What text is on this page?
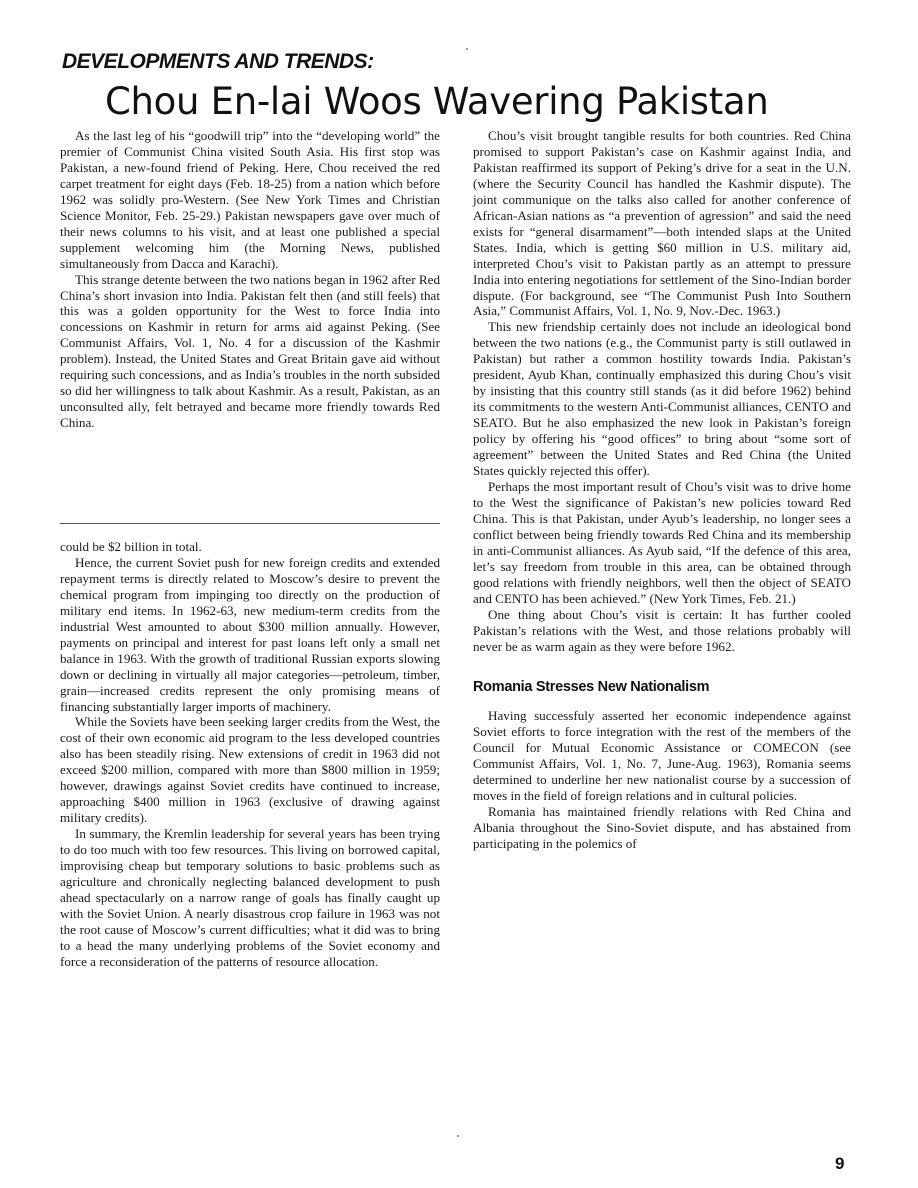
DEVELOPMENTS AND TRENDS:
Chou En-lai Woos Wavering Pakistan

As the last leg of his “goodwill trip” into the “developing world” the premier of Communist China visited South Asia. His first stop was Pakistan, a new-found friend of Peking. Here, Chou received the red carpet treatment for eight days (Feb. 18-25) from a nation which before 1962 was solidly pro-Western. (See New York Times and Christian Science Monitor, Feb. 25-29.) Pakistan newspapers gave over much of their news columns to his visit, and at least one published a special supplement welcoming him (the Morning News, published simultaneously from Dacca and Karachi).

This strange detente between the two nations began in 1962 after Red China’s short invasion into India. Pakistan felt then (and still feels) that this was a golden opportunity for the West to force India into concessions on Kashmir in return for arms aid against Peking. (See Communist Affairs, Vol. 1, No. 4 for a discussion of the Kashmir problem). Instead, the United States and Great Britain gave aid without requiring such concessions, and as India’s troubles in the north subsided so did her willingness to talk about Kashmir. As a result, Pakistan, as an unconsulted ally, felt betrayed and became more friendly towards Red China.

could be $2 billion in total.

Hence, the current Soviet push for new foreign credits and extended repayment terms is directly related to Moscow’s desire to prevent the chemical program from impinging too directly on the production of military end items. In 1962-63, new medium-term credits from the industrial West amounted to about $300 million annually. However, payments on principal and interest for past loans left only a small net balance in 1963. With the growth of traditional Russian exports slowing down or declining in virtually all major categories—petroleum, timber, grain—increased credits represent the only promising means of financing substantially larger imports of machinery.

While the Soviets have been seeking larger credits from the West, the cost of their own economic aid program to the less developed countries also has been steadily rising. New extensions of credit in 1963 did not exceed $200 million, compared with more than $800 million in 1959; however, drawings against Soviet credits have continued to increase, approaching $400 million in 1963 (exclusive of drawing against military credits).

In summary, the Kremlin leadership for several years has been trying to do too much with too few resources. This living on borrowed capital, improvising cheap but temporary solutions to basic problems such as agriculture and chronically neglecting balanced development to push ahead spectacularly on a narrow range of goals has finally caught up with the Soviet Union. A nearly disastrous crop failure in 1963 was not the root cause of Moscow’s current difficulties; what it did was to bring to a head the many underlying problems of the Soviet economy and force a reconsideration of the patterns of resource allocation.

Chou’s visit brought tangible results for both countries. Red China promised to support Pakistan’s case on Kashmir against India, and Pakistan reaffirmed its support of Peking’s drive for a seat in the U.N. (where the Security Council has handled the Kashmir dispute). The joint communique on the talks also called for another conference of African-Asian nations as “a prevention of agression” and said the need exists for “general disarmament”—both intended slaps at the United States. India, which is getting $60 million in U.S. military aid, interpreted Chou’s visit to Pakistan partly as an attempt to pressure India into entering negotiations for settlement of the Sino-Indian border dispute. (For background, see “The Communist Push Into Southern Asia,” Communist Affairs, Vol. 1, No. 9, Nov.-Dec. 1963.)

This new friendship certainly does not include an ideological bond between the two nations (e.g., the Communist party is still outlawed in Pakistan) but rather a common hostility towards India. Pakistan’s president, Ayub Khan, continually emphasized this during Chou’s visit by insisting that this country still stands (as it did before 1962) behind its commitments to the western Anti-Communist alliances, CENTO and SEATO. But he also emphasized the new look in Pakistan’s foreign policy by offering his “good offices” to bring about “some sort of agreement” between the United States and Red China (the United States quickly rejected this offer).

Perhaps the most important result of Chou’s visit was to drive home to the West the significance of Pakistan’s new policies toward Red China. This is that Pakistan, under Ayub’s leadership, no longer sees a conflict between being friendly towards Red China and its membership in anti-Communist alliances. As Ayub said, “If the defence of this area, let’s say freedom from trouble in this area, can be obtained through good relations with friendly neighbors, well then the object of SEATO and CENTO has been achieved.” (New York Times, Feb. 21.)

One thing about Chou’s visit is certain: It has further cooled Pakistan’s relations with the West, and those relations probably will never be as warm again as they were before 1962.

Romania Stresses New Nationalism

Having successfuly asserted her economic independence against Soviet efforts to force integration with the rest of the members of the Council for Mutual Economic Assistance or COMECON (see Communist Affairs, Vol. 1, No. 7, June-Aug. 1963), Romania seems determined to underline her new nationalist course by a succession of moves in the field of foreign relations and in cultural policies.

Romania has maintained friendly relations with Red China and Albania throughout the Sino-Soviet dispute, and has abstained from participating in the polemics of

9
